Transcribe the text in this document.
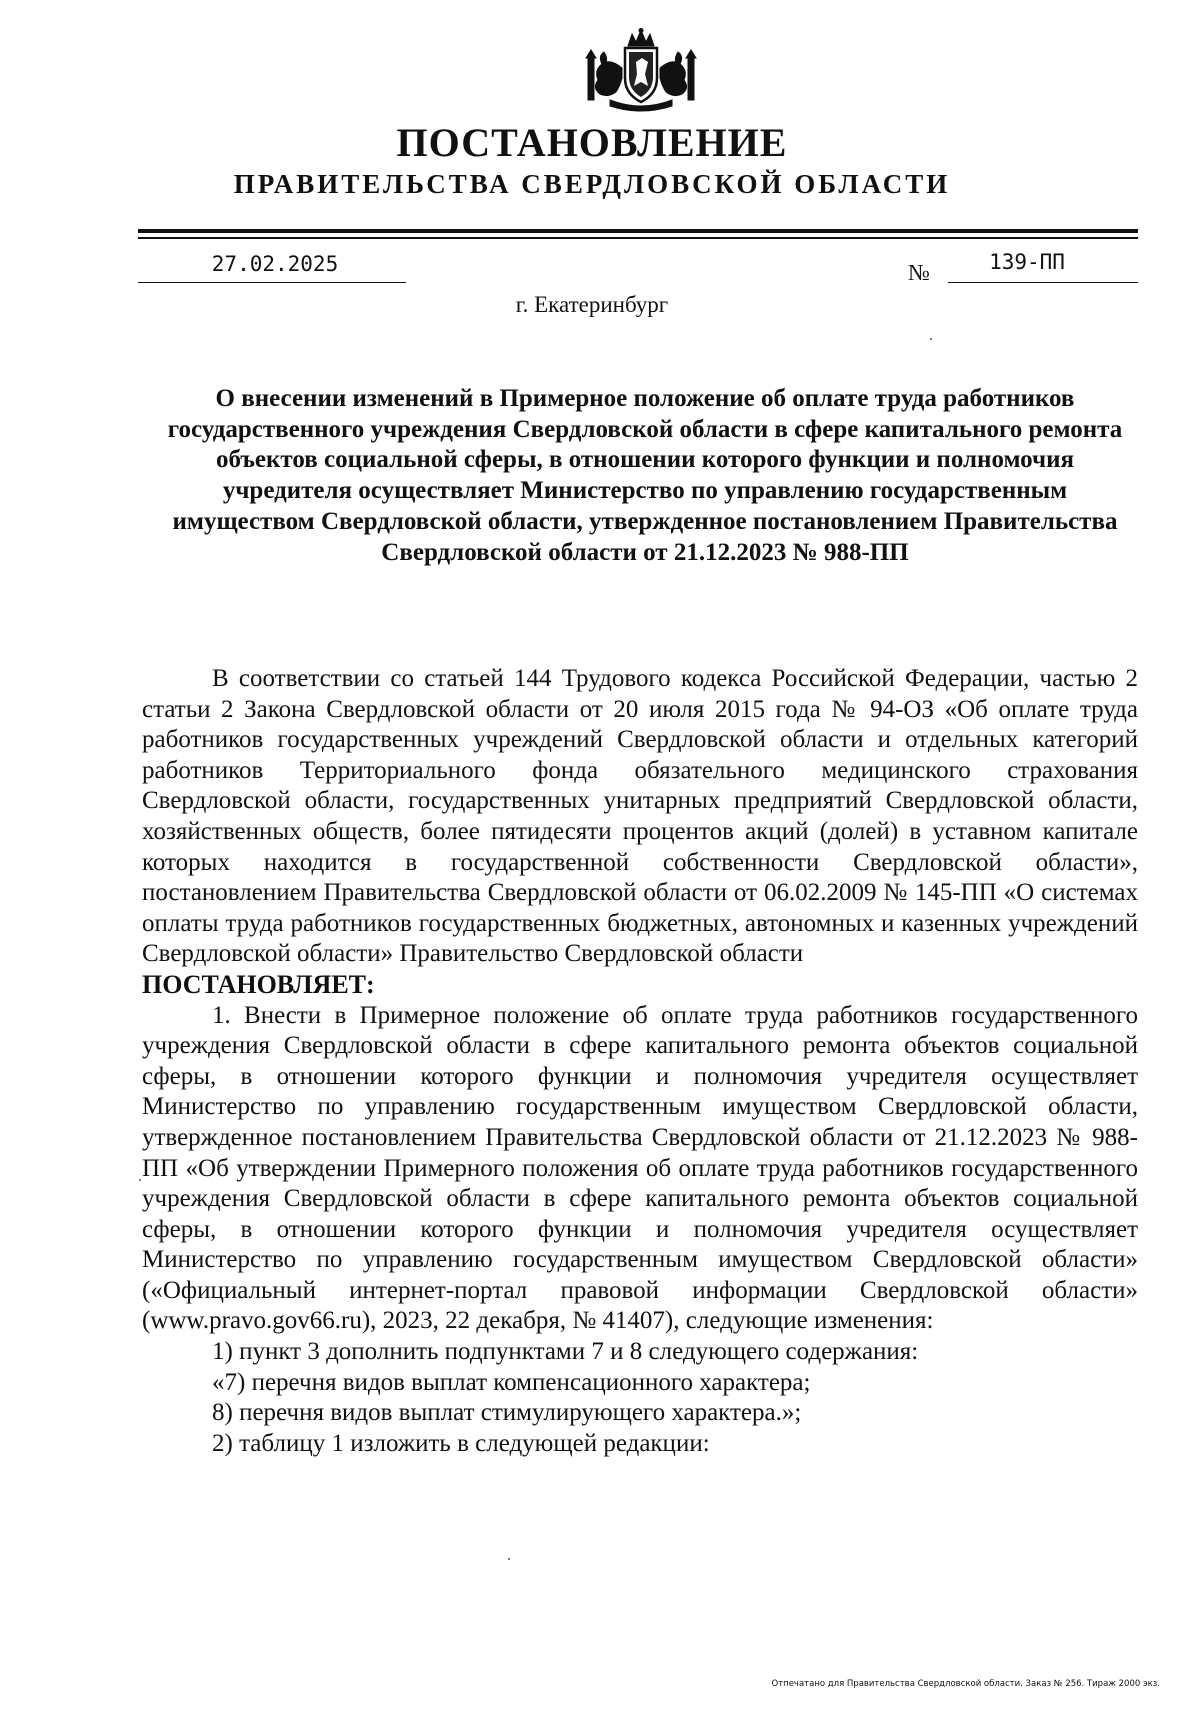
ПОСТАНОВЛЕНИЕ
ПРАВИТЕЛЬСТВА СВЕРДЛОВСКОЙ ОБЛАСТИ
27.02.2025	№	139-ПП
г. Екатеринбург
О внесении изменений в Примерное положение об оплате труда работников государственного учреждения Свердловской области в сфере капитального ремонта объектов социальной сферы, в отношении которого функции и полномочия учредителя осуществляет Министерство по управлению государственным имуществом Свердловской области, утвержденное постановлением Правительства Свердловской области от 21.12.2023 № 988-ПП

В соответствии со статьей 144 Трудового кодекса Российской Федерации, частью 2 статьи 2 Закона Свердловской области от 20 июля 2015 года № 94-ОЗ «Об оплате труда работников государственных учреждений Свердловской области и отдельных категорий работников Территориального фонда обязательного медицинского страхования Свердловской области, государственных унитарных предприятий Свердловской области, хозяйственных обществ, более пятидесяти процентов акций (долей) в уставном капитале которых находится в государственной собственности Свердловской области», постановлением Правительства Свердловской области от 06.02.2009 № 145-ПП «О системах оплаты труда работников государственных бюджетных, автономных и казенных учреждений Свердловской области» Правительство Свердловской области

ПОСТАНОВЛЯЕТ:

1. Внести в Примерное положение об оплате труда работников государственного учреждения Свердловской области в сфере капитального ремонта объектов социальной сферы, в отношении которого функции и полномочия учредителя осуществляет Министерство по управлению государственным имуществом Свердловской области, утвержденное постановлением Правительства Свердловской области от 21.12.2023 № 988-ПП «Об утверждении Примерного положения об оплате труда работников государственного учреждения Свердловской области в сфере капитального ремонта объектов социальной сферы, в отношении которого функции и полномочия учредителя осуществляет Министерство по управлению государственным имуществом Свердловской области» («Официальный интернет-портал правовой информации Свердловской области» (www.pravo.gov66.ru), 2023, 22 декабря, № 41407), следующие изменения:

1) пункт 3 дополнить подпунктами 7 и 8 следующего содержания:

«7) перечня видов выплат компенсационного характера;

8) перечня видов выплат стимулирующего характера.»;

2) таблицу 1 изложить в следующей редакции:

Отпечатано для Правительства Свердловской области. Заказ № 256. Тираж 2000 экз.
